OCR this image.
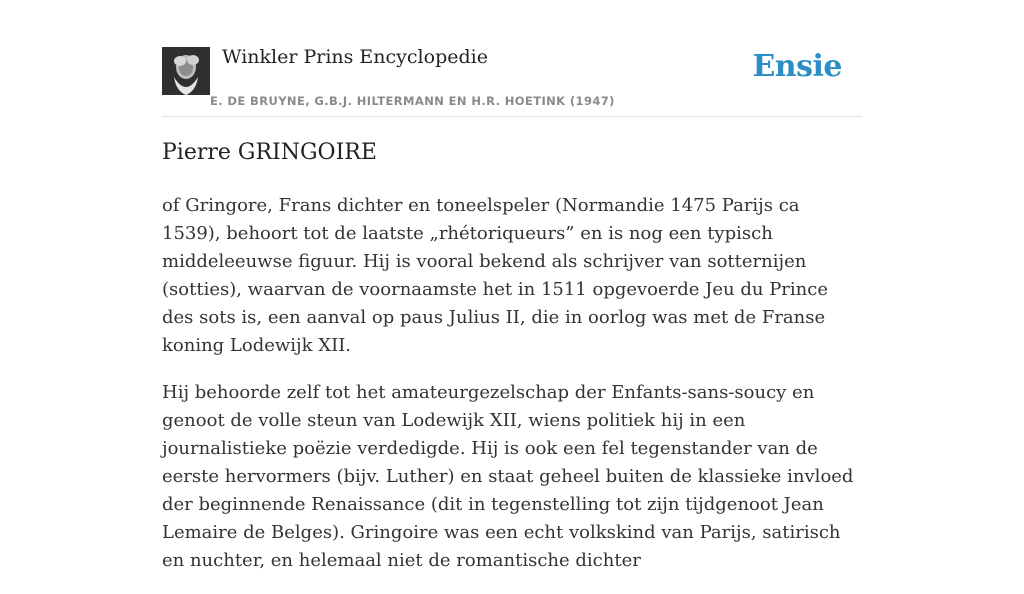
Winkler Prins Encyclopedie
E. DE BRUYNE, G.B.J. HILTERMANN EN H.R. HOETINK (1947)
Ensie
Pierre GRINGOIRE

of Gringore, Frans dichter en toneelspeler (Normandie 1475 Parijs ca 1539), behoort tot de laatste „rhétoriqueurs” en is nog een typisch middeleeuwse figuur. Hij is vooral bekend als schrijver van sotternijen (sotties), waarvan de voornaamste het in 1511 opgevoerde Jeu du Prince des sots is, een aanval op paus Julius II, die in oorlog was met de Franse koning Lodewijk XII.

Hij behoorde zelf tot het amateurgezelschap der Enfants-sans-soucy en genoot de volle steun van Lodewijk XII, wiens politiek hij in een journalistieke poëzie verdedigde. Hij is ook een fel tegenstander van de eerste hervormers (bijv. Luther) en staat geheel buiten de klassieke invloed der beginnende Renaissance (dit in tegenstelling tot zijn tijdgenoot Jean Lemaire de Belges). Gringoire was een echt volkskind van Parijs, satirisch en nuchter, en helemaal niet de romantische dichter
